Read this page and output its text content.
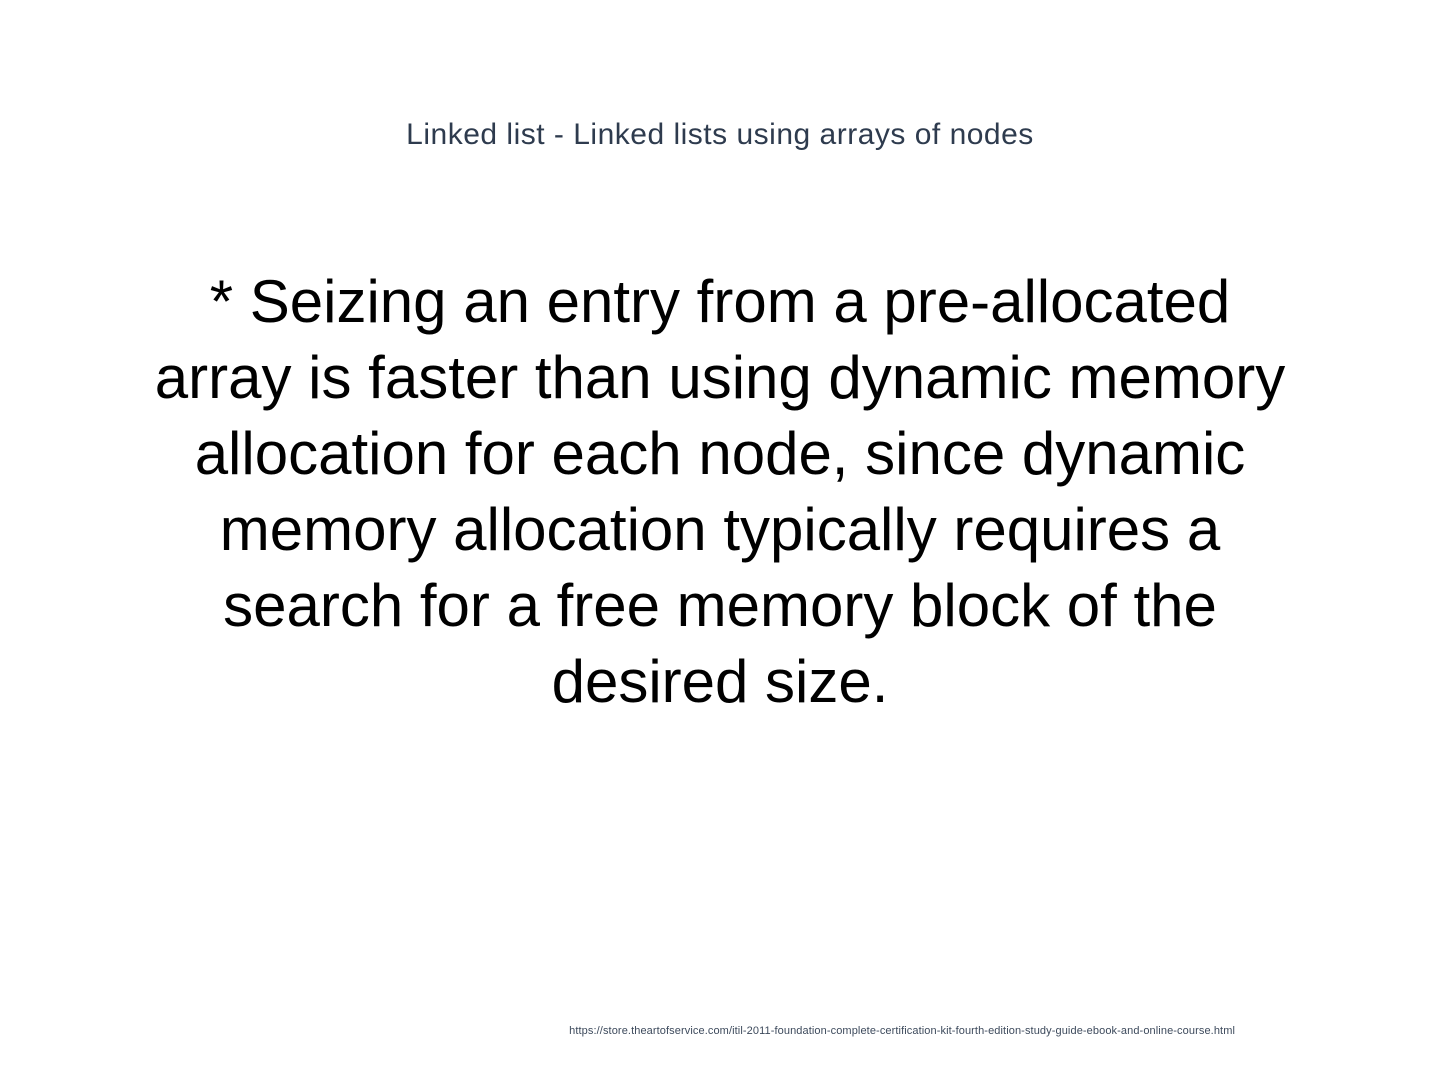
Linked list - Linked lists using arrays of nodes
* Seizing an entry from a pre-allocated
array is faster than using dynamic memory
allocation for each node, since dynamic
memory allocation typically requires a
search for a free memory block of the
desired size.
https://store.theartofservice.com/itil-2011-foundation-complete-certification-kit-fourth-edition-study-guide-ebook-and-online-course.html
